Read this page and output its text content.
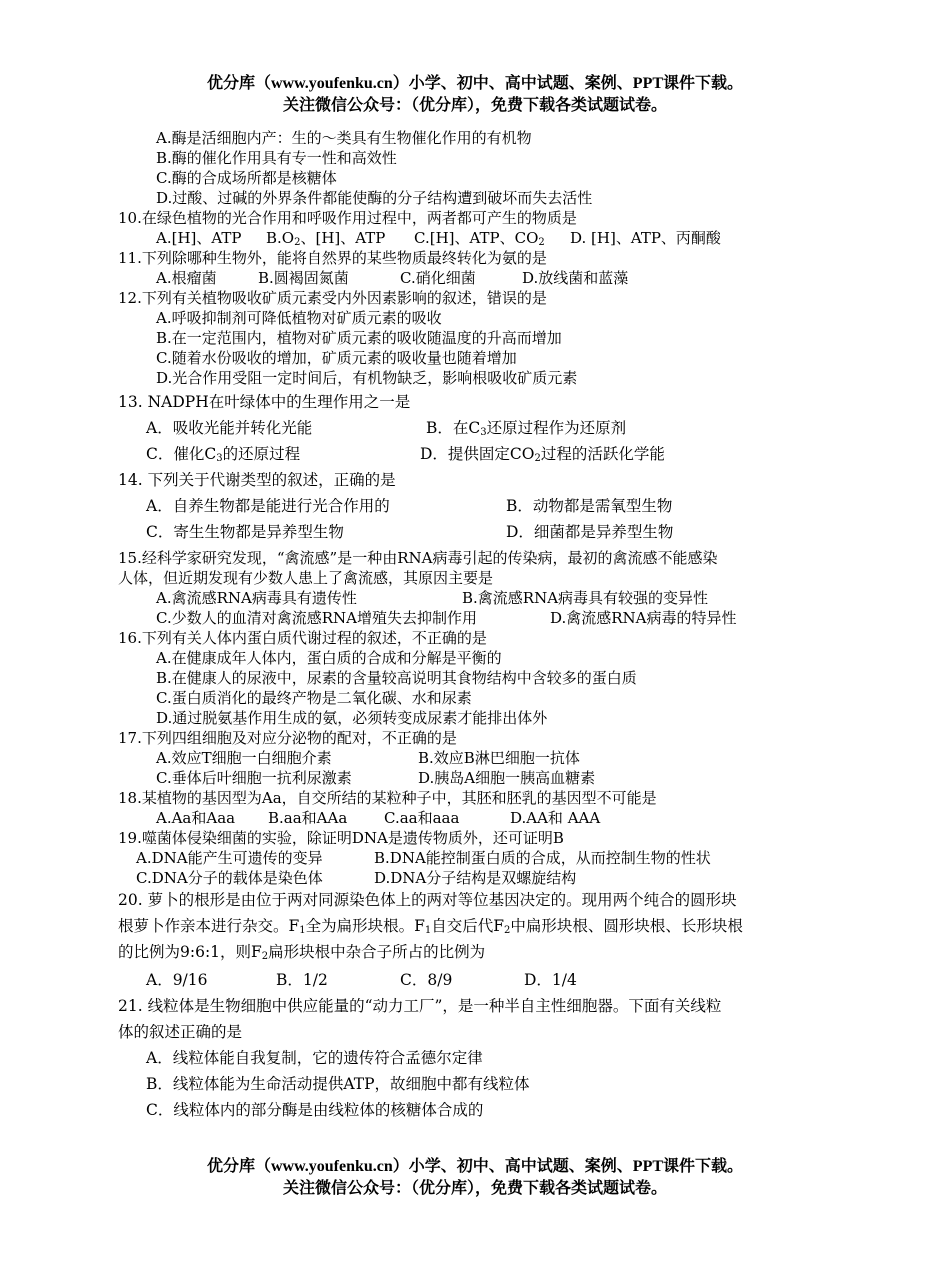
优分库（www.youfenku.cn）小学、初中、高中试题、案例、PPT课件下载。
关注微信公众号：（优分库），免费下载各类试题试卷。
A.酶是活细胞内产：生的～类具有生物催化作用的有机物
B.酶的催化作用具有专一性和高效性
C.酶的合成场所都是核糖体
D.过酸、过碱的外界条件都能使酶的分子结构遭到破坏而失去活性
10.在绿色植物的光合作用和呼吸作用过程中，两者都可产生的物质是
A.[H]、ATP $B.O_2$、[H]、ATP C.[H]、ATP、$CO_2$ D. [H]、ATP、丙酮酸
11.下列除哪种生物外，能将自然界的某些物质最终转化为氨的是
A.根瘤菌	B.圆褐固氮菌	C.硝化细菌	D.放线菌和蓝藻
12.下列有关植物吸收矿质元素受内外因素影响的叙述，错误的是
A.呼吸抑制剂可降低植物对矿质元素的吸收
B.在一定范围内，植物对矿质元素的吸收随温度的升高而增加
C.随着水份吸收的增加，矿质元素的吸收量也随着增加
D.光合作用受阻一定时间后，有机物缺乏，影响根吸收矿质元素
13. NADPH在叶绿体中的生理作用之一是
A．吸收光能并转化光能	B．在$C_3$还原过程作为还原剂
C．催化$C_3$的还原过程	D．提供固定$CO_2$过程的活跃化学能
14. 下列关于代谢类型的叙述，正确的是
A．自养生物都是能进行光合作用的	B．动物都是需氧型生物
C．寄生生物都是异养型生物	D．细菌都是异养型生物
15.经科学家研究发现，“禽流感”是一种由RNA病毒引起的传染病，最初的禽流感不能感染
人体，但近期发现有少数人患上了禽流感，其原因主要是
A.禽流感RNA病毒具有遗传性	B.禽流感RNA病毒具有较强的变异性
C.少数人的血清对禽流感RNA增殖失去抑制作用	D.禽流感RNA病毒的特异性
16.下列有关人体内蛋白质代谢过程的叙述，不正确的是
A.在健康成年人体内，蛋白质的合成和分解是平衡的
B.在健康人的尿液中，尿素的含量较高说明其食物结构中含较多的蛋白质
C.蛋白质消化的最终产物是二氧化碳、水和尿素
D.通过脱氨基作用生成的氨，必须转变成尿素才能排出体外
17.下列四组细胞及对应分泌物的配对，不正确的是
A.效应T细胞一白细胞介素	B.效应B淋巴细胞一抗体
C.垂体后叶细胞一抗利尿激素	D.胰岛A细胞一胰高血糖素
18.某植物的基因型为Aa，自交所结的某粒种子中，其胚和胚乳的基因型不可能是
A.Aa和Aaa B.aa和AAa C.aa和aaa	D.AA和 AAA
19.噬菌体侵染细菌的实验，除证明DNA是遗传物质外，还可证明B
A.DNA能产生可遗传的变异	B.DNA能控制蛋白质的合成，从而控制生物的性状
C.DNA分子的载体是染色体	D.DNA分子结构是双螺旋结构
20. 萝卜的根形是由位于两对同源染色体上的两对等位基因决定的。现用两个纯合的圆形块
根萝卜作亲本进行杂交。$F_1$全为扁形块根。$F_1$自交后代$F_2$中扁形块根、圆形块根、长形块根
的比例为9:6:1，则$F_2$扁形块根中杂合子所占的比例为
A．9/16	B．1/2	C．8/9	D．1/4
21. 线粒体是生物细胞中供应能量的“动力工厂”，是一种半自主性细胞器。下面有关线粒
体的叙述正确的是
A．线粒体能自我复制，它的遗传符合孟德尔定律
B．线粒体能为生命活动提供ATP，故细胞中都有线粒体
C．线粒体内的部分酶是由线粒体的核糖体合成的
优分库（www.youfenku.cn）小学、初中、高中试题、案例、PPT课件下载。
关注微信公众号：（优分库），免费下载各类试题试卷。
